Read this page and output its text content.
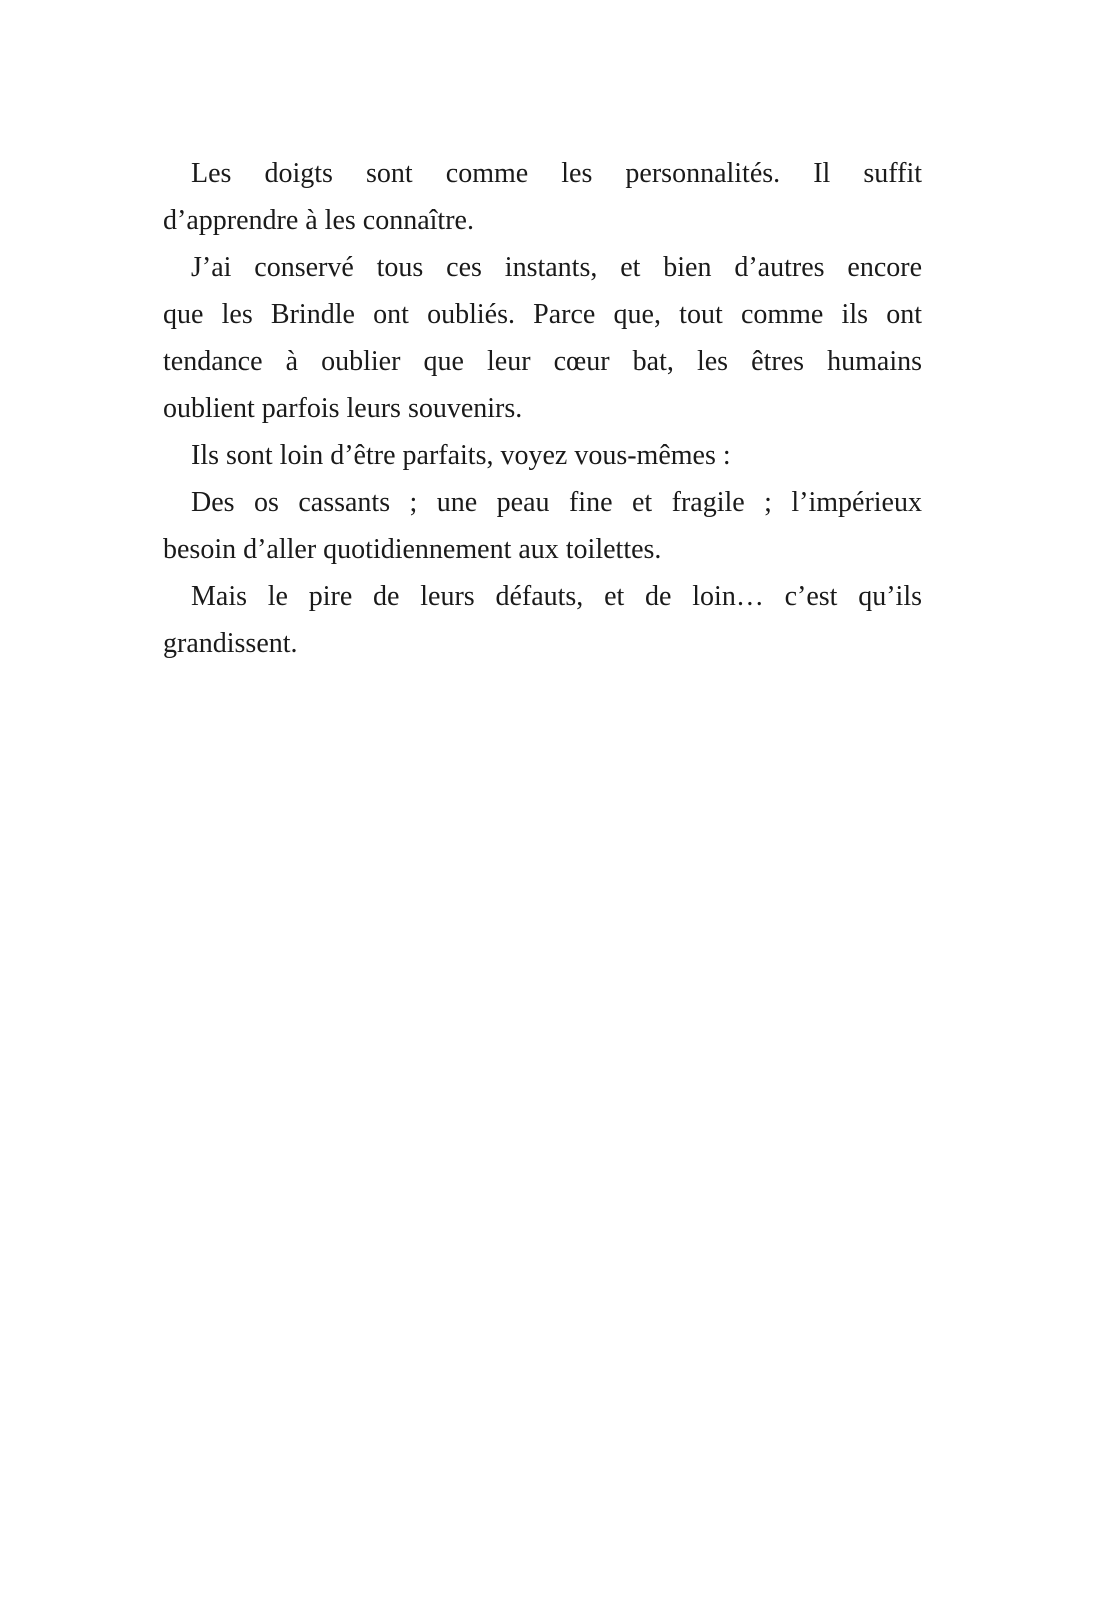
Les doigts sont comme les personnalités. Il suffit
d’apprendre à les connaître.
J’ai conservé tous ces instants, et bien d’autres encore
que les Brindle ont oubliés. Parce que, tout comme ils ont
tendance à oublier que leur cœur bat, les êtres humains
oublient parfois leurs souvenirs.
Ils sont loin d’être parfaits, voyez vous-mêmes :
Des os cassants ; une peau fine et fragile ; l’impérieux
besoin d’aller quotidiennement aux toilettes.
Mais le pire de leurs défauts, et de loin… c’est qu’ils
grandissent.
